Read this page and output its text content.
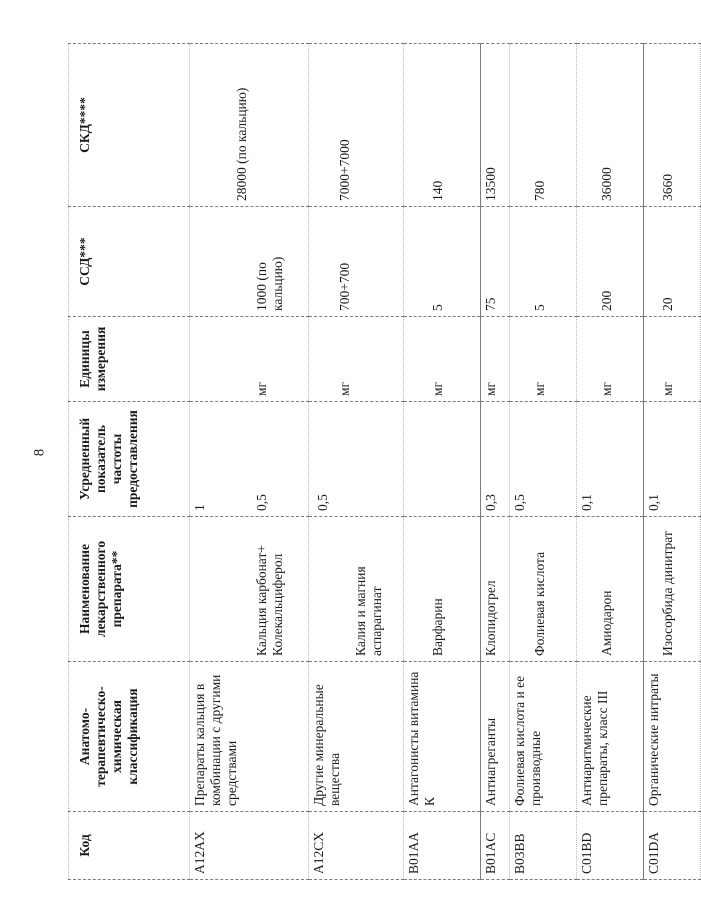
8
Код	Анатомо-терапевтическо-химическая классификация	Наименование лекарственного препарата**	Усредненный показатель частоты предоставления	Единицы измерения	ССД***	СКД****
A12AX	Препараты кальция в комбинации с другими средствами	Кальция карбонат+ Колекальциферол	1 0,5	мг	1000 (по кальцию)	28000 (по кальцию)
A12CX	Другие минеральные вещества	Калия и магния аспарагинат	0,5	мг	700+700	7000+7000
B01AA	Антагонисты витамина К	Варфарин		мг	5	140
B01AC	Антиагреганты	Клопидогрел	0,3	мг	75	13500
B03BB	Фолиевая кислота и ее производные	Фолиевая кислота	0,5	мг	5	780
C01BD	Антиаритмические препараты, класс III	Амиодарон	0,1	мг	200	36000
C01DA	Органические нитраты	Изосорбида динитрат	0,1	мг	20	3660
